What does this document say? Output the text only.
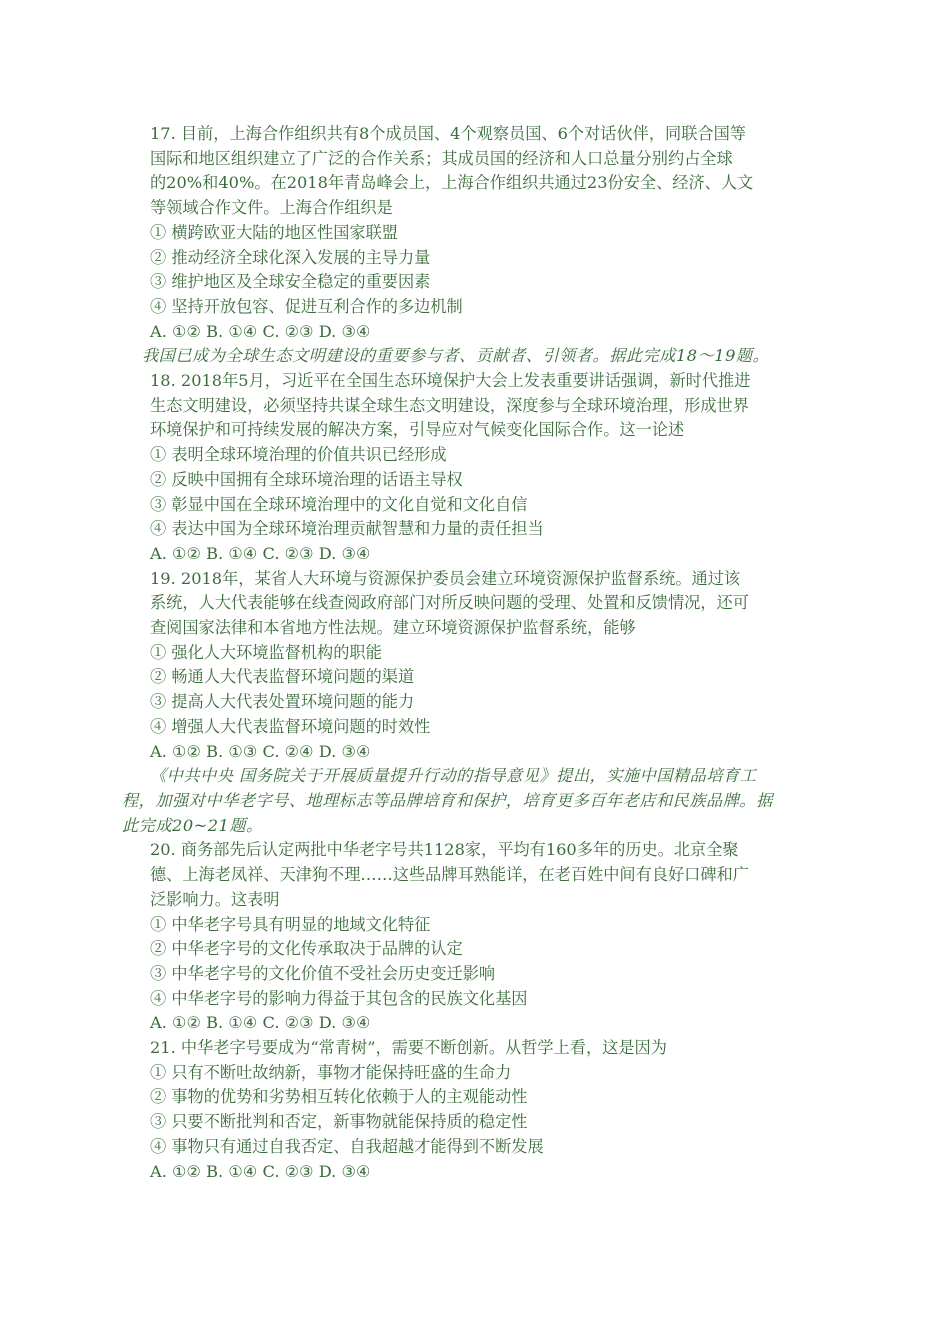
17. 目前，上海合作组织共有8个成员国、4个观察员国、6个对话伙伴，同联合国等
国际和地区组织建立了广泛的合作关系；其成员国的经济和人口总量分别约占全球
的20%和40%。在2018年青岛峰会上，上海合作组织共通过23份安全、经济、人文
等领域合作文件。上海合作组织是
① 横跨欧亚大陆的地区性国家联盟
② 推动经济全球化深入发展的主导力量
③ 维护地区及全球安全稳定的重要因素
④ 坚持开放包容、促进互利合作的多边机制
A. ①② B. ①④ C. ②③ D. ③④
我国已成为全球生态文明建设的重要参与者、贡献者、引领者。据此完成18～19题。
18. 2018年5月，习近平在全国生态环境保护大会上发表重要讲话强调，新时代推进
生态文明建设，必须坚持共谋全球生态文明建设，深度参与全球环境治理，形成世界
环境保护和可持续发展的解决方案，引导应对气候变化国际合作。这一论述
① 表明全球环境治理的价值共识已经形成
② 反映中国拥有全球环境治理的话语主导权
③ 彰显中国在全球环境治理中的文化自觉和文化自信
④ 表达中国为全球环境治理贡献智慧和力量的责任担当
A. ①② B. ①④ C. ②③ D. ③④
19. 2018年，某省人大环境与资源保护委员会建立环境资源保护监督系统。通过该
系统，人大代表能够在线查阅政府部门对所反映问题的受理、处置和反馈情况，还可
查阅国家法律和本省地方性法规。建立环境资源保护监督系统，能够
① 强化人大环境监督机构的职能
② 畅通人大代表监督环境问题的渠道
③ 提高人大代表处置环境问题的能力
④ 增强人大代表监督环境问题的时效性
A. ①② B. ①③ C. ②④ D. ③④
《中共中央 国务院关于开展质量提升行动的指导意见》提出，实施中国精品培育工
程，加强对中华老字号、地理标志等品牌培育和保护，培育更多百年老店和民族品牌。据
此完成20~21题。
20. 商务部先后认定两批中华老字号共1128家，平均有160多年的历史。北京全聚
德、上海老凤祥、天津狗不理……这些品牌耳熟能详，在老百姓中间有良好口碑和广
泛影响力。这表明
① 中华老字号具有明显的地域文化特征
② 中华老字号的文化传承取决于品牌的认定
③ 中华老字号的文化价值不受社会历史变迁影响
④ 中华老字号的影响力得益于其包含的民族文化基因
A. ①② B. ①④ C. ②③ D. ③④
21. 中华老字号要成为“常青树”，需要不断创新。从哲学上看，这是因为
① 只有不断吐故纳新，事物才能保持旺盛的生命力
② 事物的优势和劣势相互转化依赖于人的主观能动性
③ 只要不断批判和否定，新事物就能保持质的稳定性
④ 事物只有通过自我否定、自我超越才能得到不断发展
A. ①② B. ①④ C. ②③ D. ③④
